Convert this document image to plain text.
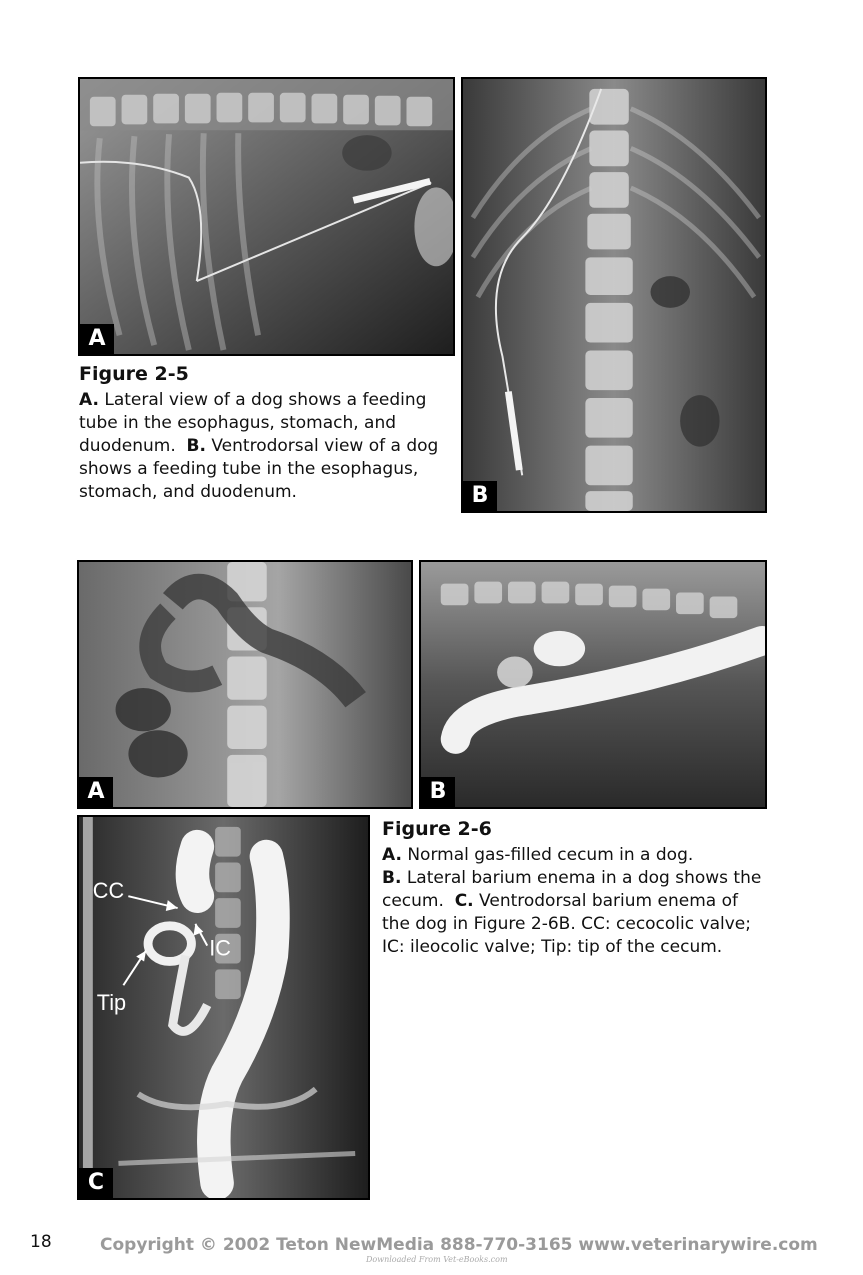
A
B
Figure 2-5
A. Lateral view of a dog shows a feeding tube in the esophagus, stomach, and duodenum. B. Ventrodorsal view of a dog shows a feeding tube in the esophagus, stomach, and duodenum.
A	B
CC
IC
Tip
C
Figure 2-6
A. Normal gas-filled cecum in a dog.
B. Lateral barium enema in a dog shows the cecum. C. Ventrodorsal barium enema of the dog in Figure 2-6B. CC: cecocolic valve; IC: ileocolic valve; Tip: tip of the cecum.
18	Copyright © 2002 Teton NewMedia 888-770-3165 www.veterinarywire.com
Downloaded From Vet-eBooks.com
